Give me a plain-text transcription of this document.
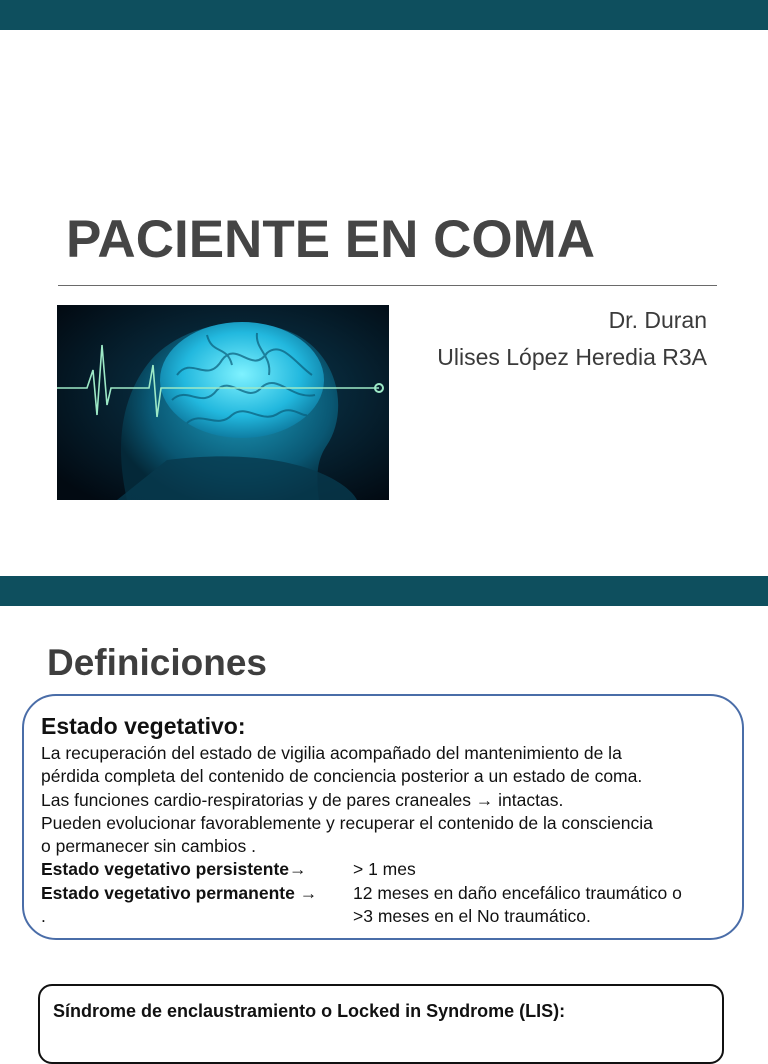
PACIENTE EN COMA
Dr. Duran
Ulises López Heredia R3A
Definiciones
Estado vegetativo:

La recuperación del estado de vigilia acompañado del mantenimiento de la

pérdida completa del contenido de conciencia posterior a un estado de coma.

Las funciones cardio-respiratorias y de pares craneales → intactas.

Pueden evolucionar favorablemente y recuperar el contenido de la consciencia

o permanecer sin cambios .

Estado vegetativo persistente→	> 1 mes
Estado vegetativo permanente → 12 meses en daño encefálico traumático o
.	>3 meses en el No traumático.
Síndrome de enclaustramiento o Locked in Syndrome (LIS):
